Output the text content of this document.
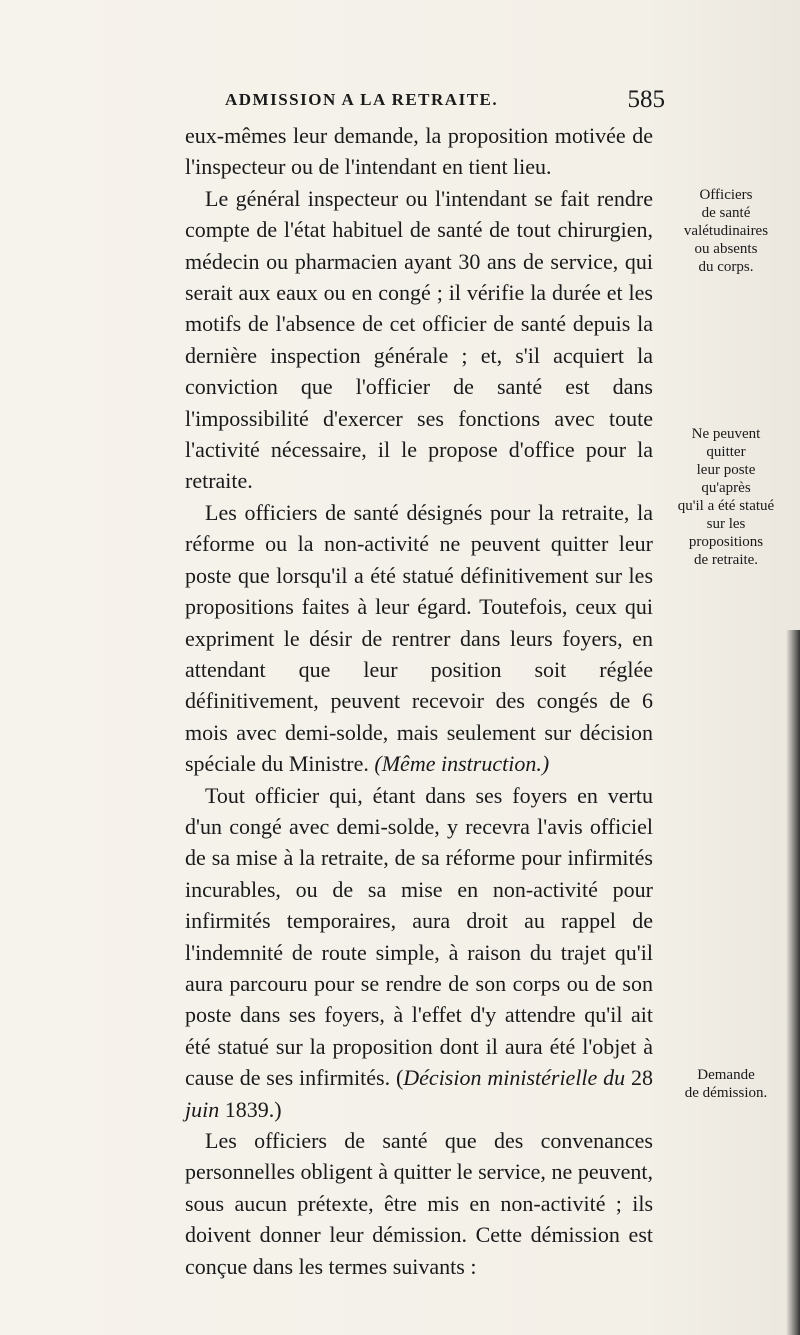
ADMISSION A LA RETRAITE.	585

eux-mêmes leur demande, la proposition motivée de l'inspecteur ou de l'intendant en tient lieu.

Le général inspecteur ou l'intendant se fait rendre compte de l'état habituel de santé de tout chirurgien, médecin ou pharmacien ayant 30 ans de service, qui serait aux eaux ou en congé ; il vérifie la durée et les motifs de l'absence de cet officier de santé depuis la dernière inspection générale ; et, s'il acquiert la conviction que l'officier de santé est dans l'impossibilité d'exercer ses fonctions avec toute l'activité nécessaire, il le propose d'office pour la retraite.

Les officiers de santé désignés pour la retraite, la réforme ou la non-activité ne peuvent quitter leur poste que lorsqu'il a été statué définitivement sur les propositions faites à leur égard. Toutefois, ceux qui expriment le désir de rentrer dans leurs foyers, en attendant que leur position soit réglée définitivement, peuvent recevoir des congés de 6 mois avec demi-solde, mais seulement sur décision spéciale du Ministre. (Même instruction.)

Tout officier qui, étant dans ses foyers en vertu d'un congé avec demi-solde, y recevra l'avis officiel de sa mise à la retraite, de sa réforme pour infirmités incurables, ou de sa mise en non-activité pour infirmités temporaires, aura droit au rappel de l'indemnité de route simple, à raison du trajet qu'il aura parcouru pour se rendre de son corps ou de son poste dans ses foyers, à l'effet d'y attendre qu'il ait été statué sur la proposition dont il aura été l'objet à cause de ses infirmités. (Décision ministérielle du 28 juin 1839.)

Les officiers de santé que des convenances personnelles obligent à quitter le service, ne peuvent, sous aucun prétexte, être mis en non-activité ; ils doivent donner leur démission. Cette démission est conçue dans les termes suivants :

Officiers
de santé
valétudinaires
ou absents
du corps.
Ne peuvent
quitter
leur poste
qu'après
qu'il a été statué
sur les
propositions
de retraite.
Demande
de démission.
